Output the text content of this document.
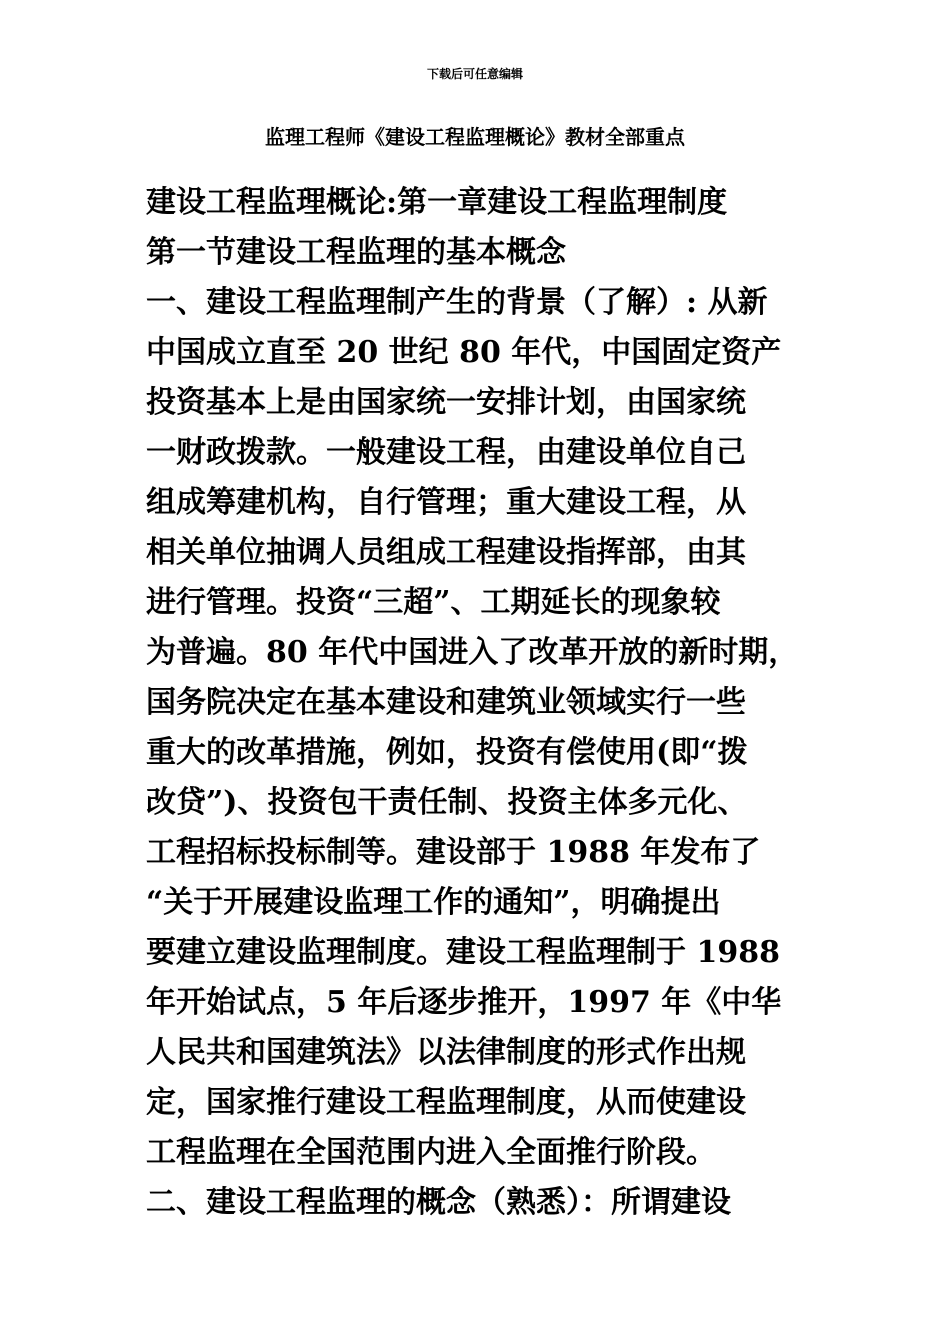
下载后可任意编辑
监理工程师《建设工程监理概论》教材全部重点
建设工程监理概论:第一章建设工程监理制度
第一节建设工程监理的基本概念
一、建设工程监理制产生的背景（了解）: 从新
中国成立直至 20 世纪 80 年代，中国固定资产
投资基本上是由国家统一安排计划，由国家统
一财政拨款。一般建设工程，由建设单位自己
组成筹建机构，自行管理；重大建设工程，从
相关单位抽调人员组成工程建设指挥部，由其
进行管理。投资“三超”、工期延长的现象较
为普遍。80 年代中国进入了改革开放的新时期，
国务院决定在基本建设和建筑业领域实行一些
重大的改革措施，例如，投资有偿使用(即“拨
改贷”)、投资包干责任制、投资主体多元化、
工程招标投标制等。建设部于 1988 年发布了
“关于开展建设监理工作的通知”，明确提出
要建立建设监理制度。建设工程监理制于 1988
年开始试点，5 年后逐步推开，1997 年《中华
人民共和国建筑法》以法律制度的形式作出规
定，国家推行建设工程监理制度，从而使建设
工程监理在全国范围内进入全面推行阶段。
二、建设工程监理的概念（熟悉）：所谓建设
